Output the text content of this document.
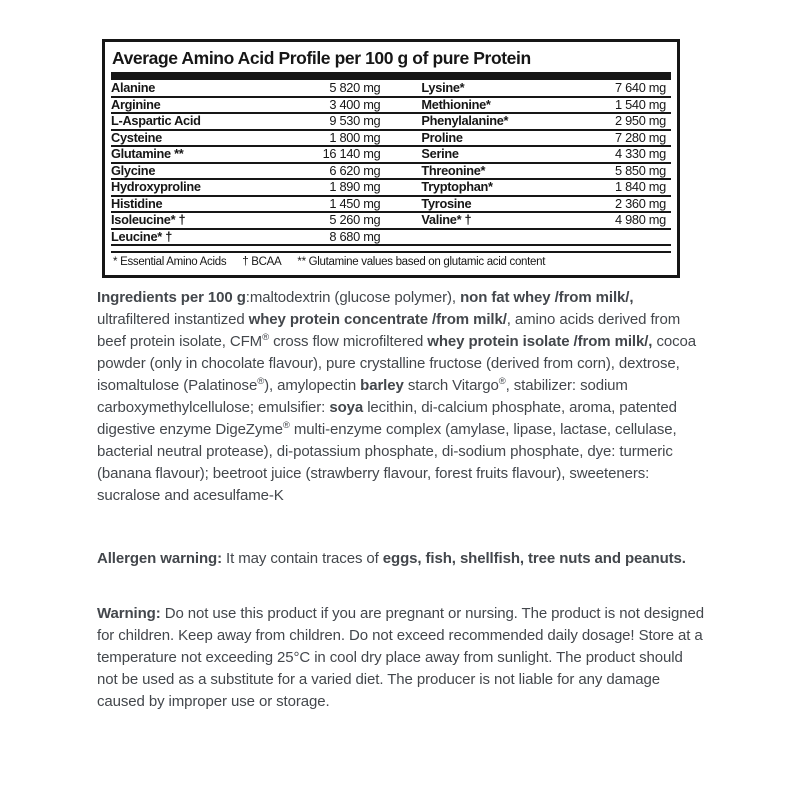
Average Amino Acid Profile per 100 g of pure Protein
Alanine	5 820 mg	Lysine*	7 640 mg
Arginine	3 400 mg	Methionine*	1 540 mg
L-Aspartic Acid	9 530 mg	Phenylalanine*	2 950 mg
Cysteine	1 800 mg	Proline	7 280 mg
Glutamine **	16 140 mg	Serine	4 330 mg
Glycine	6 620 mg	Threonine*	5 850 mg
Hydroxyproline	1 890 mg	Tryptophan*	1 840 mg
Histidine	1 450 mg	Tyrosine	2 360 mg
Isoleucine* †	5 260 mg	Valine* †	4 980 mg
Leucine* †	8 680 mg
* Essential Amino Acids † BCAA ** Glutamine values based on glutamic acid content
Ingredients per 100 g:maltodextrin (glucose polymer), non fat whey /from milk/, ultrafiltered instantized whey protein concentrate /from milk/, amino acids derived from beef protein isolate, CFM® cross flow microfiltered whey protein isolate /from milk/, cocoa powder (only in chocolate flavour), pure crystalline fructose (derived from corn), dextrose, isomaltulose (Palatinose®), amylopectin barley starch Vitargo®, stabilizer: sodium carboxymethylcellulose; emulsifier: soya lecithin, di-calcium phosphate, aroma, patented digestive enzyme DigeZyme® multi-enzyme complex (amylase, lipase, lactase, cellulase, bacterial neutral protease), di-potassium phosphate, di-sodium phosphate, dye: turmeric (banana flavour); beetroot juice (strawberry flavour, forest fruits flavour), sweeteners: sucralose and acesulfame-K
Allergen warning: It may contain traces of eggs, fish, shellfish, tree nuts and peanuts.
Warning: Do not use this product if you are pregnant or nursing. The product is not designed for children. Keep away from children. Do not exceed recommended daily dosage! Store at a temperature not exceeding 25°C in cool dry place away from sunlight. The product should not be used as a substitute for a varied diet. The producer is not liable for any damage caused by improper use or storage.
